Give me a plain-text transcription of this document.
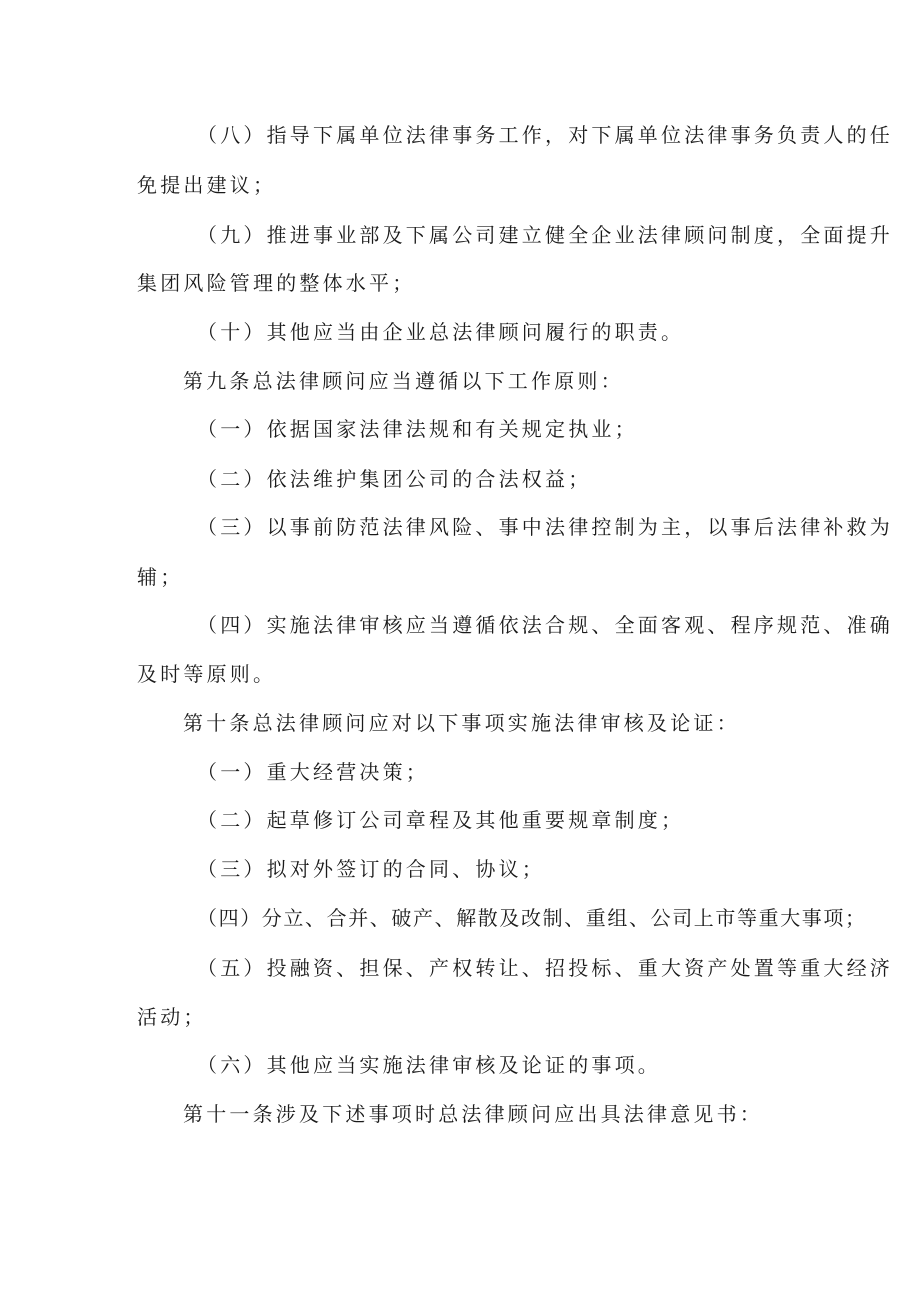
（八）指导下属单位法律事务工作，对下属单位法律事务负责人的任
免提出建议；
（九）推进事业部及下属公司建立健全企业法律顾问制度，全面提升
集团风险管理的整体水平；
（十）其他应当由企业总法律顾问履行的职责。
第九条总法律顾问应当遵循以下工作原则：
（一）依据国家法律法规和有关规定执业；
（二）依法维护集团公司的合法权益；
（三）以事前防范法律风险、事中法律控制为主，以事后法律补救为
辅；
（四）实施法律审核应当遵循依法合规、全面客观、程序规范、准确
及时等原则。
第十条总法律顾问应对以下事项实施法律审核及论证：
（一）重大经营决策；
（二）起草修订公司章程及其他重要规章制度；
（三）拟对外签订的合同、协议；
（四）分立、合并、破产、解散及改制、重组、公司上市等重大事项；
（五）投融资、担保、产权转让、招投标、重大资产处置等重大经济
活动；
（六）其他应当实施法律审核及论证的事项。
第十一条涉及下述事项时总法律顾问应出具法律意见书：
